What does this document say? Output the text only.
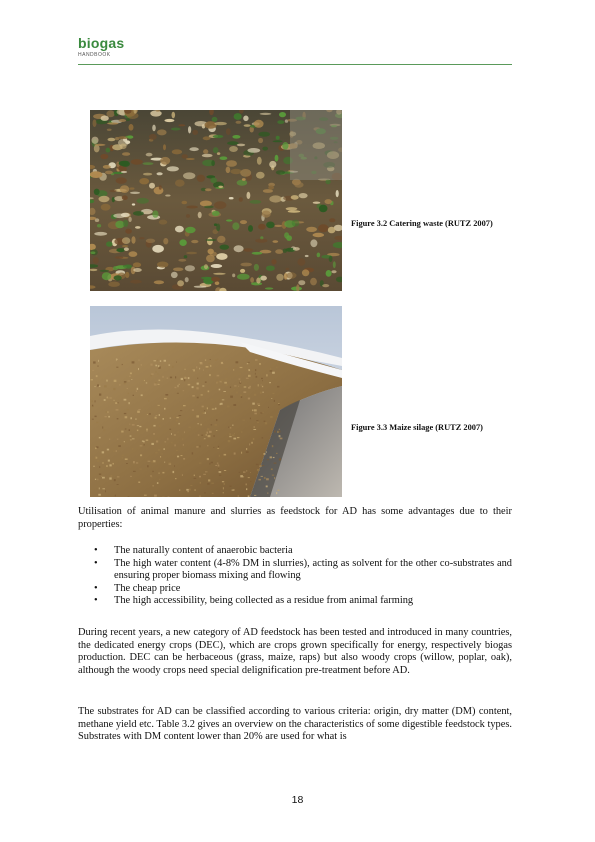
biogas
HANDBOOK
Figure 3.2 Catering waste (RUTZ 2007)
Figure 3.3 Maize silage (RUTZ 2007)

Utilisation of animal manure and slurries as feedstock for AD has some advantages due to their properties:

• The naturally content of anaerobic bacteria
• The high water content (4-8% DM in slurries), acting as solvent for the other co-substrates and ensuring proper biomass mixing and flowing
• The cheap price
• The high accessibility, being collected as a residue from animal farming

During recent years, a new category of AD feedstock has been tested and introduced in many countries, the dedicated energy crops (DEC), which are crops grown specifically for energy, respectively biogas production. DEC can be herbaceous (grass, maize, raps) but also woody crops (willow, poplar, oak), although the woody crops need special delignification pre-treatment before AD.

The substrates for AD can be classified according to various criteria: origin, dry matter (DM) content, methane yield etc. Table 3.2 gives an overview on the characteristics of some digestible feedstock types. Substrates with DM content lower than 20% are used for what is

18
